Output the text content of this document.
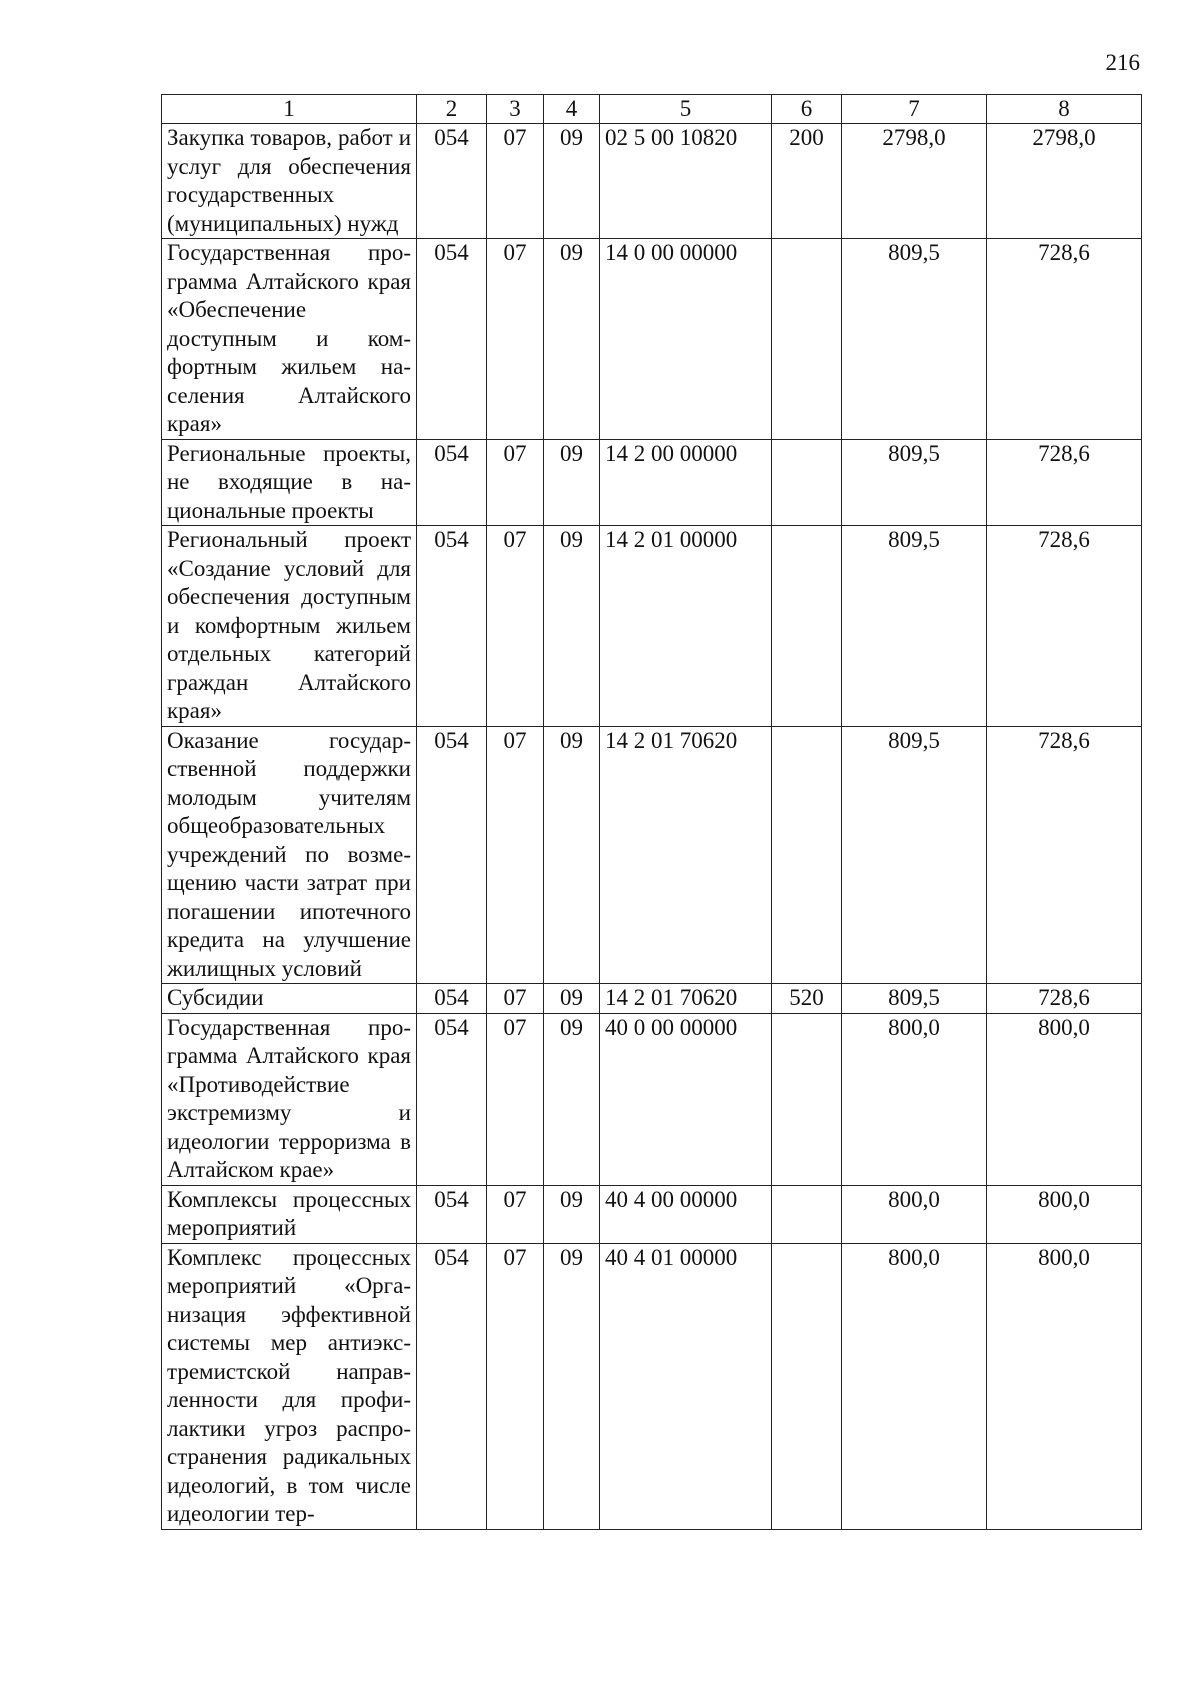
216
1	2	3	4	5	6	7	8
Закупка товаров, работ и услуг для обеспечения государственных (муниципальных) нужд	054	07	09	02 5 00 10820	200	2798,0	2798,0
Государственная программа Алтайского края «Обеспечение доступным и комфортным жильем населения Алтайского края»	054	07	09	14 0 00 00000		809,5	728,6
Региональные проекты, не входящие в национальные проекты	054	07	09	14 2 00 00000		809,5	728,6
Региональный проект «Создание условий для обеспечения доступным и комфортным жильем отдельных категорий граждан Алтайского края»	054	07	09	14 2 01 00000		809,5	728,6
Оказание государственной поддержки молодым учителям общеобразовательных учреждений по возмещению части затрат при погашении ипотечного кредита на улучшение жилищных условий	054	07	09	14 2 01 70620		809,5	728,6
Субсидии	054	07	09	14 2 01 70620	520	809,5	728,6
Государственная программа Алтайского края «Противодействие экстремизму и идеологии терроризма в Алтайском крае»	054	07	09	40 0 00 00000		800,0	800,0
Комплексы процессных мероприятий	054	07	09	40 4 00 00000		800,0	800,0
Комплекс процессных мероприятий «Организация эффективной системы мер антиэкстремистской направленности для профилактики угроз распространения радикальных идеологий, в том числе идеологии тер-	054	07	09	40 4 01 00000		800,0	800,0
